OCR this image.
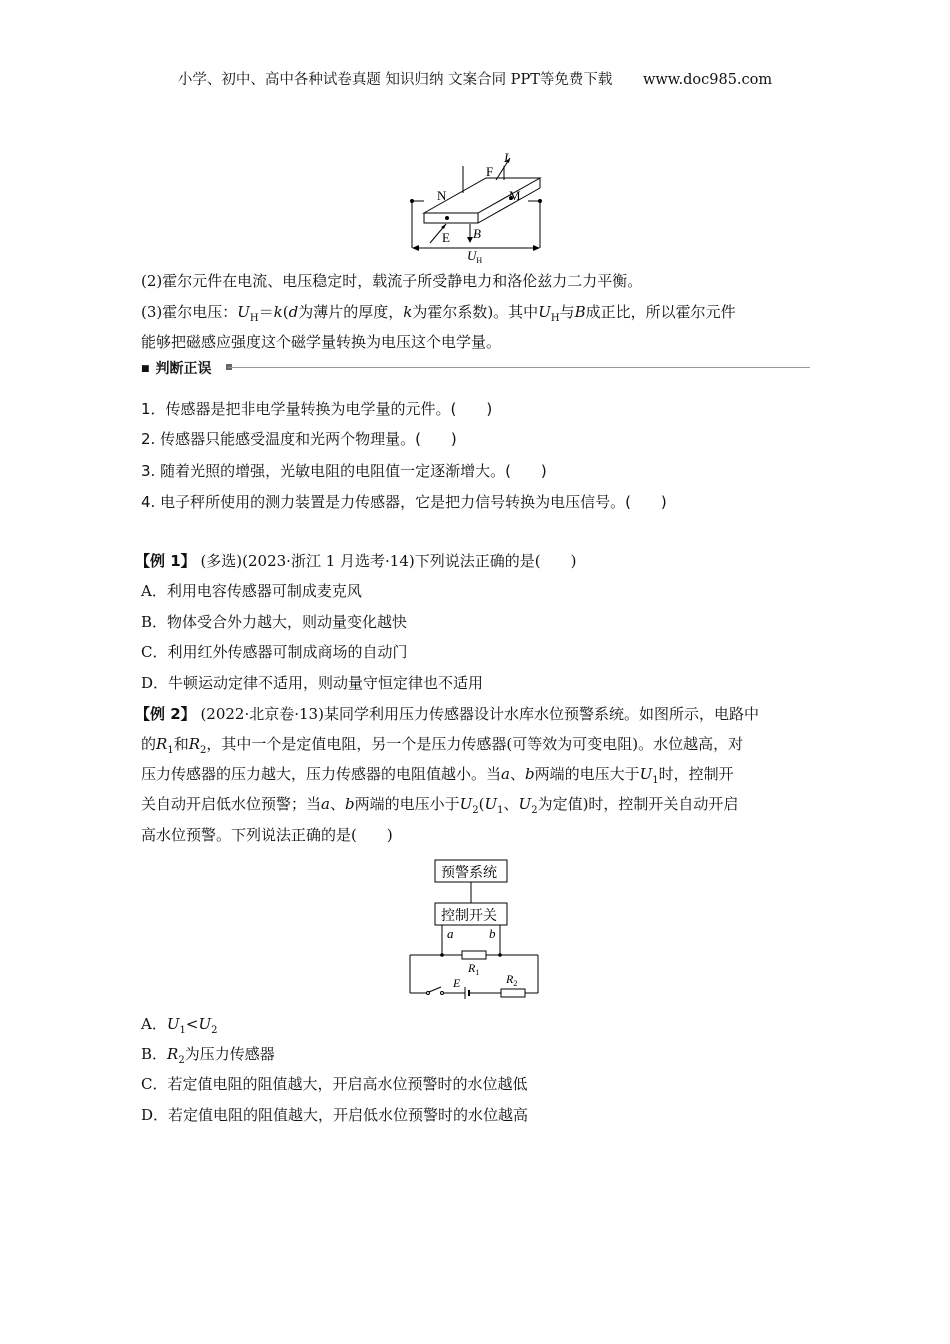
小学、初中、高中各种试卷真题 知识归纳 文案合同 PPT等免费下载 www.doc985.com
I
F
N	M
E B
$U_H$
(2)霍尔元件在电流、电压稳定时，载流子所受静电力和洛伦兹力二力平衡。
(3)霍尔电压：$U_H=k(d$为薄片的厚度，k为霍尔系数)。其中$U_H$与B成正比，所以霍尔元件
能够把磁感应强度这个磁学量转换为电压这个电学量。
■ 判断正误
1．传感器是把非电学量转换为电学量的元件。(　　)
2. 传感器只能感受温度和光两个物理量。(　　)
3. 随着光照的增强，光敏电阻的电阻值一定逐渐增大。(　　)
4. 电子秤所使用的测力装置是力传感器，它是把力信号转换为电压信号。(　　)
【例 1】 (多选)(2023·浙江 1 月选考·14)下列说法正确的是(　　)
A．利用电容传感器可制成麦克风
B．物体受合外力越大，则动量变化越快
C．利用红外传感器可制成商场的自动门
D．牛顿运动定律不适用，则动量守恒定律也不适用
【例 2】 (2022·北京卷·13)某同学利用压力传感器设计水库水位预警系统。如图所示，电路中
的$R_1$和$R_2$，其中一个是定值电阻，另一个是压力传感器(可等效为可变电阻)。水位越高，对
压力传感器的压力越大，压力传感器的电阻值越小。当a、b两端的电压大于$U_1$时，控制开
关自动开启低水位预警；当a、b两端的电压小于$U_2(U_1$、$U_2$为定值)时，控制开关自动开启
高水位预警。下列说法正确的是(　　)
预警系统
控制开关
a	b
$R_1$
E	$R_2$
A．$U_1<U_2$
B．$R_2$为压力传感器
C．若定值电阻的阻值越大，开启高水位预警时的水位越低
D．若定值电阻的阻值越大，开启低水位预警时的水位越高
